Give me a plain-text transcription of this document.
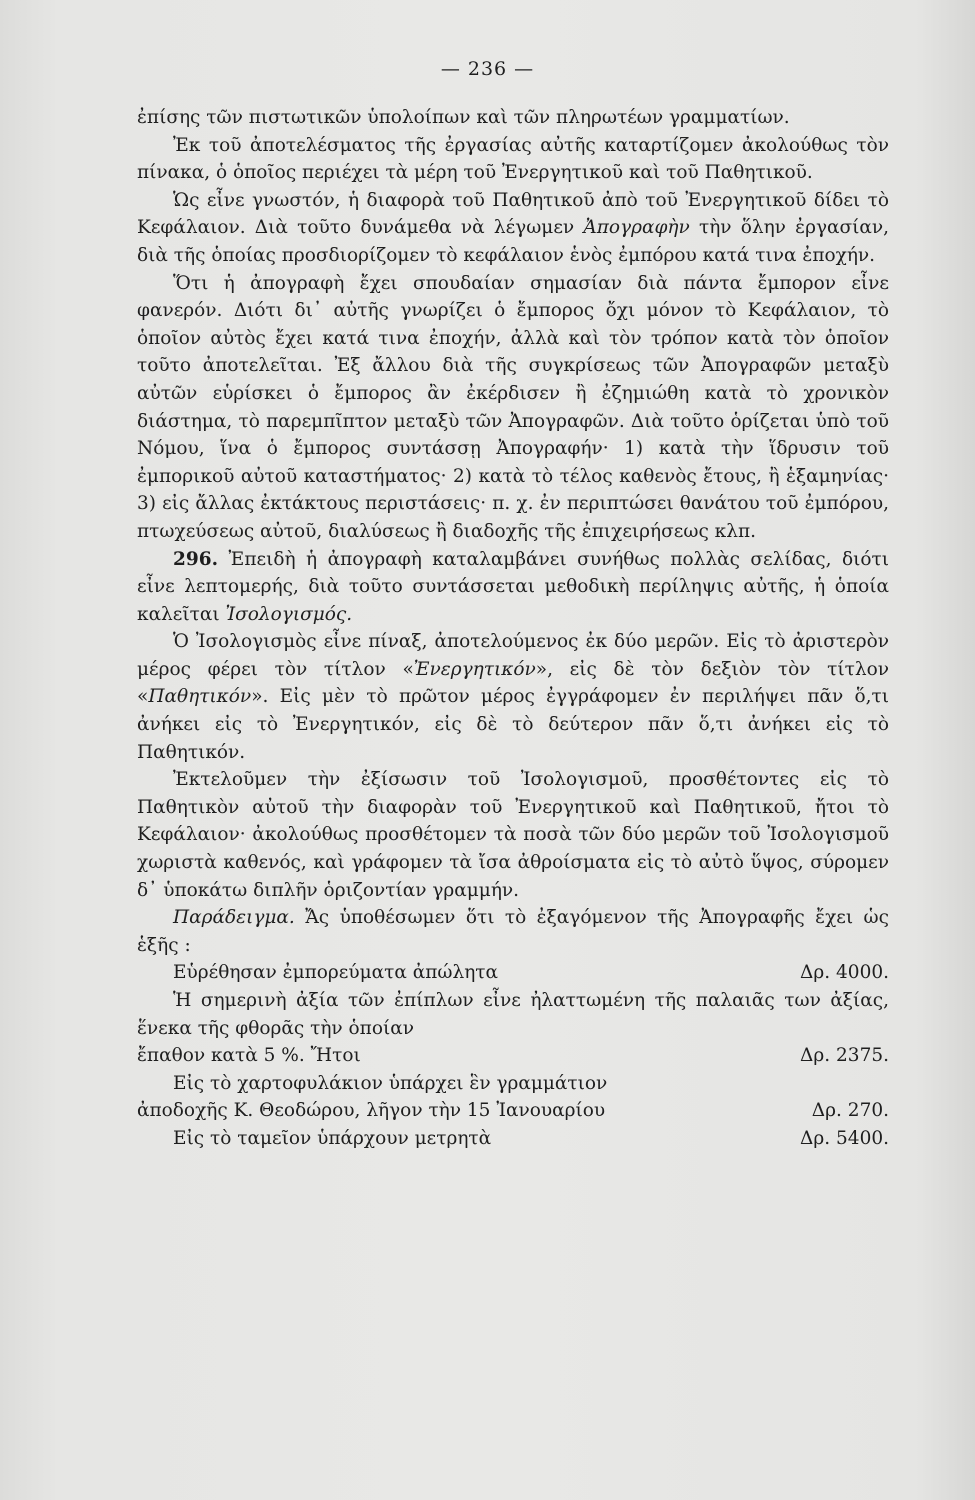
— 236 —

ἐπίσης τῶν πιστωτικῶν ὑπολοίπων καὶ τῶν πληρωτέων γραμματίων.

Ἐκ τοῦ ἀποτελέσματος τῆς ἐργασίας αὐτῆς καταρτίζομεν ἀκολούθως τὸν πίνακα, ὁ ὁποῖος περιέχει τὰ μέρη τοῦ Ἐνεργητικοῦ καὶ τοῦ Παθητικοῦ.

Ὡς εἶνε γνωστόν, ἡ διαφορὰ τοῦ Παθητικοῦ ἀπὸ τοῦ Ἐνεργητικοῦ δίδει τὸ Κεφάλαιον. Διὰ τοῦτο δυνάμεθα νὰ λέγωμεν Ἀπογραφὴν τὴν ὅλην ἐργασίαν, διὰ τῆς ὁποίας προσδιορίζομεν τὸ κεφάλαιον ἑνὸς ἐμπόρου κατά τινα ἐποχήν.

Ὅτι ἡ ἀπογραφὴ ἔχει σπουδαίαν σημασίαν διὰ πάντα ἔμπορον εἶνε φανερόν. Διότι δι᾽ αὐτῆς γνωρίζει ὁ ἔμπορος ὄχι μόνον τὸ Κεφάλαιον, τὸ ὁποῖον αὐτὸς ἔχει κατά τινα ἐποχήν, ἀλλὰ καὶ τὸν τρόπον κατὰ τὸν ὁποῖον τοῦτο ἀποτελεῖται. Ἐξ ἄλλου διὰ τῆς συγκρίσεως τῶν Ἀπογραφῶν μεταξὺ αὐτῶν εὑρίσκει ὁ ἔμπορος ἂν ἐκέρδισεν ἢ ἐζημιώθη κατὰ τὸ χρονικὸν διάστημα, τὸ παρεμπῖπτον μεταξὺ τῶν Ἀπογραφῶν. Διὰ τοῦτο ὁρίζεται ὑπὸ τοῦ Νόμου, ἵνα ὁ ἔμπορος συντάσσῃ Ἀπογραφήν· 1) κατὰ τὴν ἵδρυσιν τοῦ ἐμπορικοῦ αὐτοῦ καταστήματος· 2) κατὰ τὸ τέλος καθενὸς ἔτους, ἢ ἑξαμηνίας· 3) εἰς ἄλλας ἐκτάκτους περιστάσεις· π. χ. ἐν περιπτώσει θανάτου τοῦ ἐμπόρου, πτωχεύσεως αὐτοῦ, διαλύσεως ἢ διαδοχῆς τῆς ἐπιχειρήσεως κλπ.

296. Ἐπειδὴ ἡ ἀπογραφὴ καταλαμβάνει συνήθως πολλὰς σελίδας, διότι εἶνε λεπτομερής, διὰ τοῦτο συντάσσεται μεθοδικὴ περίληψις αὐτῆς, ἡ ὁποία καλεῖται Ἰσολογισμός.

Ὁ Ἰσολογισμὸς εἶνε πίναξ, ἀποτελούμενος ἐκ δύο μερῶν. Εἰς τὸ ἀριστερὸν μέρος φέρει τὸν τίτλον «Ἐνεργητικόν», εἰς δὲ τὸν δεξιὸν τὸν τίτλον «Παθητικόν». Εἰς μὲν τὸ πρῶτον μέρος ἐγγράφομεν ἐν περιλήψει πᾶν ὅ,τι ἀνήκει εἰς τὸ Ἐνεργητικόν, εἰς δὲ τὸ δεύτερον πᾶν ὅ,τι ἀνήκει εἰς τὸ Παθητικόν.

Ἐκτελοῦμεν τὴν ἐξίσωσιν τοῦ Ἰσολογισμοῦ, προσθέτοντες εἰς τὸ Παθητικὸν αὐτοῦ τὴν διαφορὰν τοῦ Ἐνεργητικοῦ καὶ Παθητικοῦ, ἤτοι τὸ Κεφάλαιον· ἀκολούθως προσθέτομεν τὰ ποσὰ τῶν δύο μερῶν τοῦ Ἰσολογισμοῦ χωριστὰ καθενός, καὶ γράφομεν τὰ ἴσα ἀθροίσματα εἰς τὸ αὐτὸ ὕψος, σύρομεν δ᾽ ὑποκάτω διπλῆν ὁριζοντίαν γραμμήν.

Παράδειγμα. Ἄς ὑποθέσωμεν ὅτι τὸ ἐξαγόμενον τῆς Ἀπογραφῆς ἔχει ὡς ἑξῆς :

Εὑρέθησαν ἐμπορεύματα ἀπώλητα	Δρ. 4000.

Ἡ σημερινὴ ἀξία τῶν ἐπίπλων εἶνε ἠλαττωμένη τῆς παλαιᾶς των ἀξίας, ἕνεκα τῆς φθορᾶς τὴν ὁποίαν

ἔπαθον κατὰ 5 %. Ἤτοι	Δρ. 2375.

Εἰς τὸ χαρτοφυλάκιον ὑπάρχει ἓν γραμμάτιον

ἀποδοχῆς Κ. Θεοδώρου, λῆγον τὴν 15 Ἰανουαρίου	Δρ. 270.

Εἰς τὸ ταμεῖον ὑπάρχουν μετρητὰ	Δρ. 5400.
